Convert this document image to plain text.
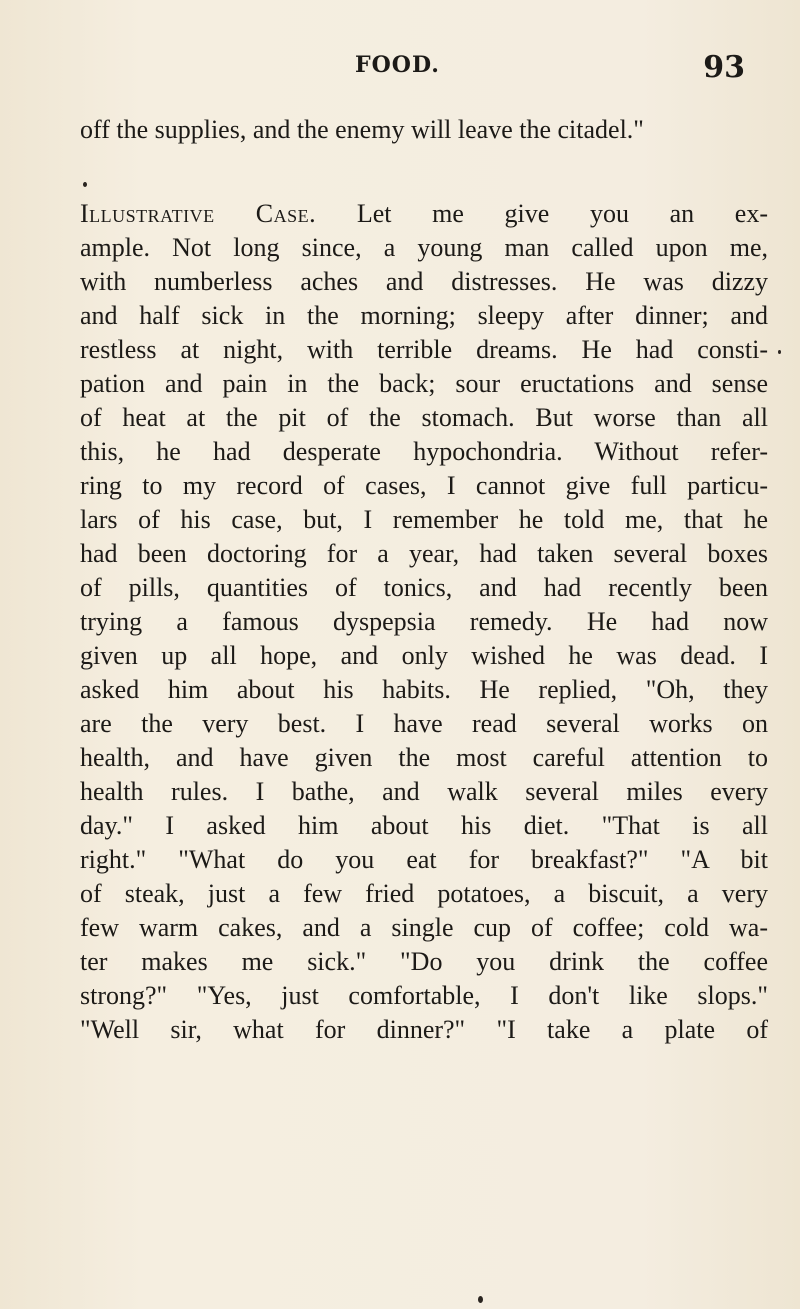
FOOD.	93
off the supplies, and the enemy will leave the citadel."
Illustrative Case. Let me give you an ex-
ample. Not long since, a young man called upon me,
with numberless aches and distresses. He was dizzy
and half sick in the morning; sleepy after dinner; and
restless at night, with terrible dreams. He had consti-
pation and pain in the back; sour eructations and sense
of heat at the pit of the stomach. But worse than all
this, he had desperate hypochondria. Without refer-
ring to my record of cases, I cannot give full particu-
lars of his case, but, I remember he told me, that he
had been doctoring for a year, had taken several boxes
of pills, quantities of tonics, and had recently been
trying a famous dyspepsia remedy. He had now
given up all hope, and only wished he was dead. I
asked him about his habits. He replied, "Oh, they
are the very best. I have read several works on
health, and have given the most careful attention to
health rules. I bathe, and walk several miles every
day." I asked him about his diet. "That is all
right." "What do you eat for breakfast?" "A bit
of steak, just a few fried potatoes, a biscuit, a very
few warm cakes, and a single cup of coffee; cold wa-
ter makes me sick." "Do you drink the coffee
strong?" "Yes, just comfortable, I don't like slops."
"Well sir, what for dinner?" "I take a plate of
